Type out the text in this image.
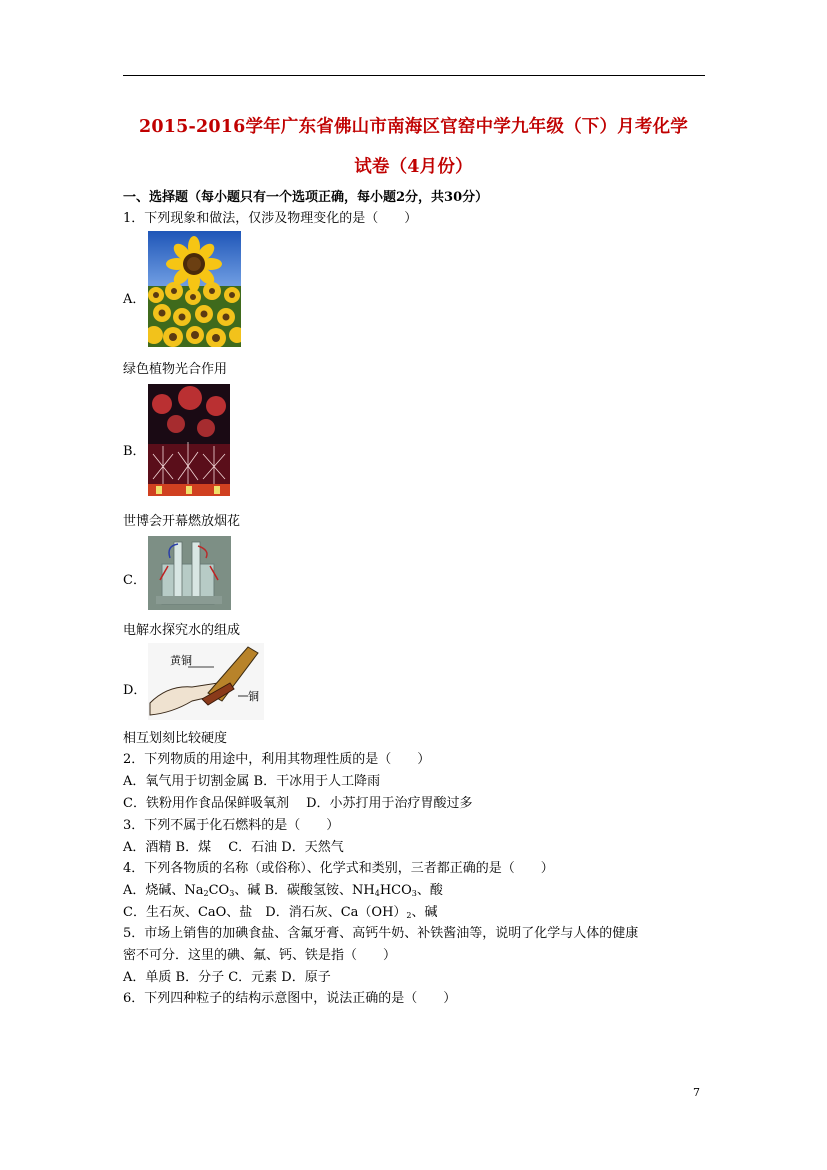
2015-2016学年广东省佛山市南海区官窑中学九年级（下）月考化学
试卷（4月份）
一、选择题（每小题只有一个选项正确，每小题2分，共30分）
1．下列现象和做法，仅涉及物理变化的是（　　）
A．
绿色植物光合作用
B．
世博会开幕燃放烟花
C．
电解水探究水的组成
D．
黄铜
铜
相互划刻比较硬度
2．下列物质的用途中，利用其物理性质的是（　　）
A．氧气用于切割金属 B．干冰用于人工降雨
C．铁粉用作食品保鲜吸氧剂　 D．小苏打用于治疗胃酸过多
3．下列不属于化石燃料的是（　　）
A．酒精 B．煤　 C．石油 D．天然气
4．下列各物质的名称（或俗称）、化学式和类别，三者都正确的是（　　）
A．烧碱、$Na_2CO_3$、碱 B．碳酸氢铵、$NH_4HCO_3$、酸
C．生石灰、CaO、盐　D．消石灰、$Ca(OH)_2$、碱
5．市场上销售的加碘食盐、含氟牙膏、高钙牛奶、补铁酱油等，说明了化学与人体的健康
密不可分．这里的碘、氟、钙、铁是指（　　）
A．单质 B．分子 C．元素 D．原子
6．下列四种粒子的结构示意图中，说法正确的是（　　）
7
